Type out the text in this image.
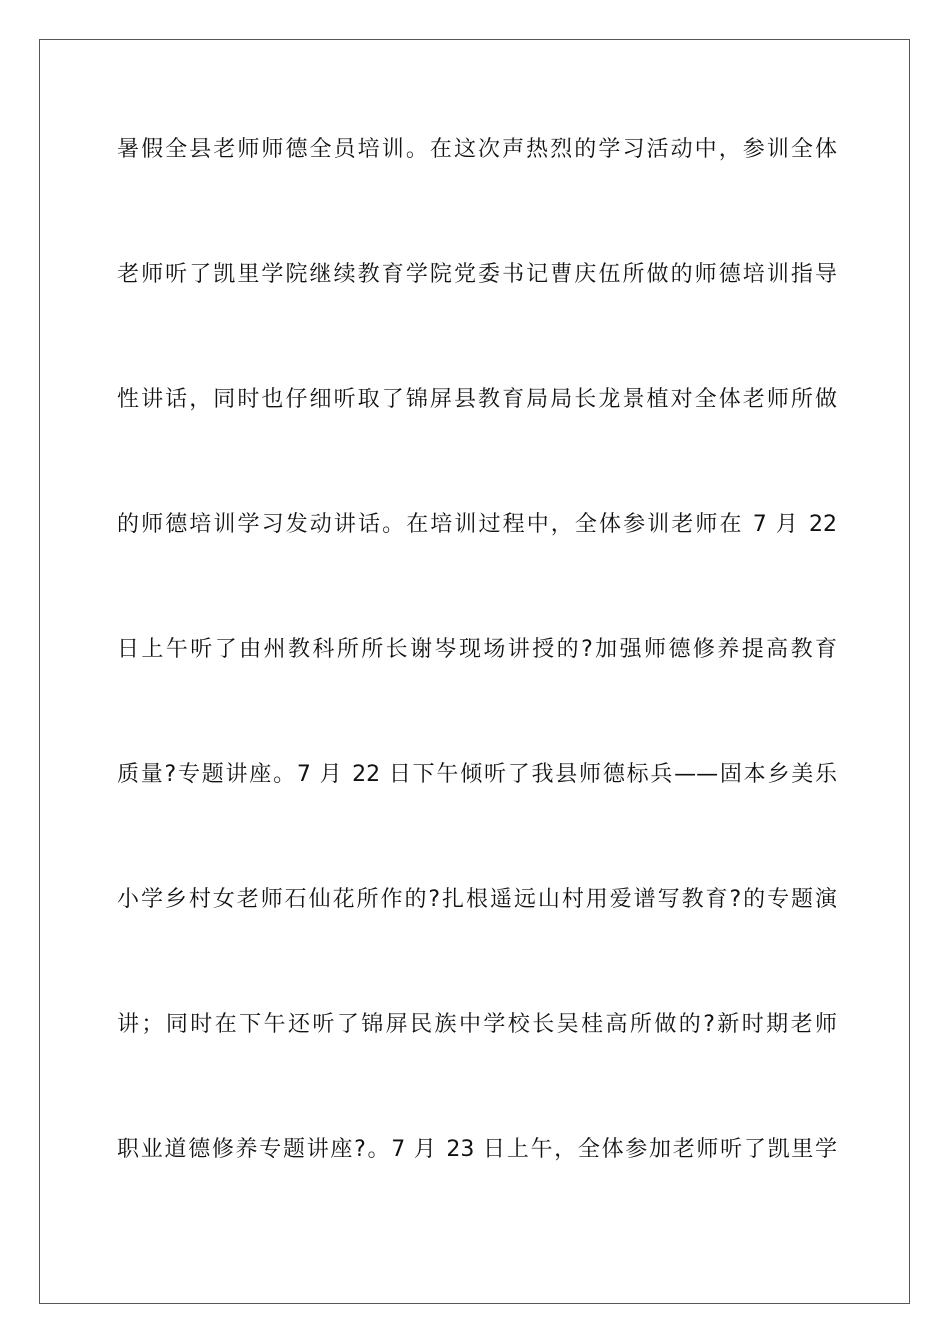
暑假全县老师师德全员培训。在这次声热烈的学习活动中，参训全体
老师听了凯里学院继续教育学院党委书记曹庆伍所做的师德培训指导
性讲话，同时也仔细听取了锦屏县教育局局长龙景植对全体老师所做
的师德培训学习发动讲话。在培训过程中，全体参训老师在 7 月 22
日上午听了由州教科所所长谢岑现场讲授的?加强师德修养提高教育
质量?专题讲座。7 月 22 日下午倾听了我县师德标兵——固本乡美乐
小学乡村女老师石仙花所作的?扎根遥远山村用爱谱写教育?的专题演
讲；同时在下午还听了锦屏民族中学校长吴桂高所做的?新时期老师
职业道德修养专题讲座?。7 月 23 日上午，全体参加老师听了凯里学
